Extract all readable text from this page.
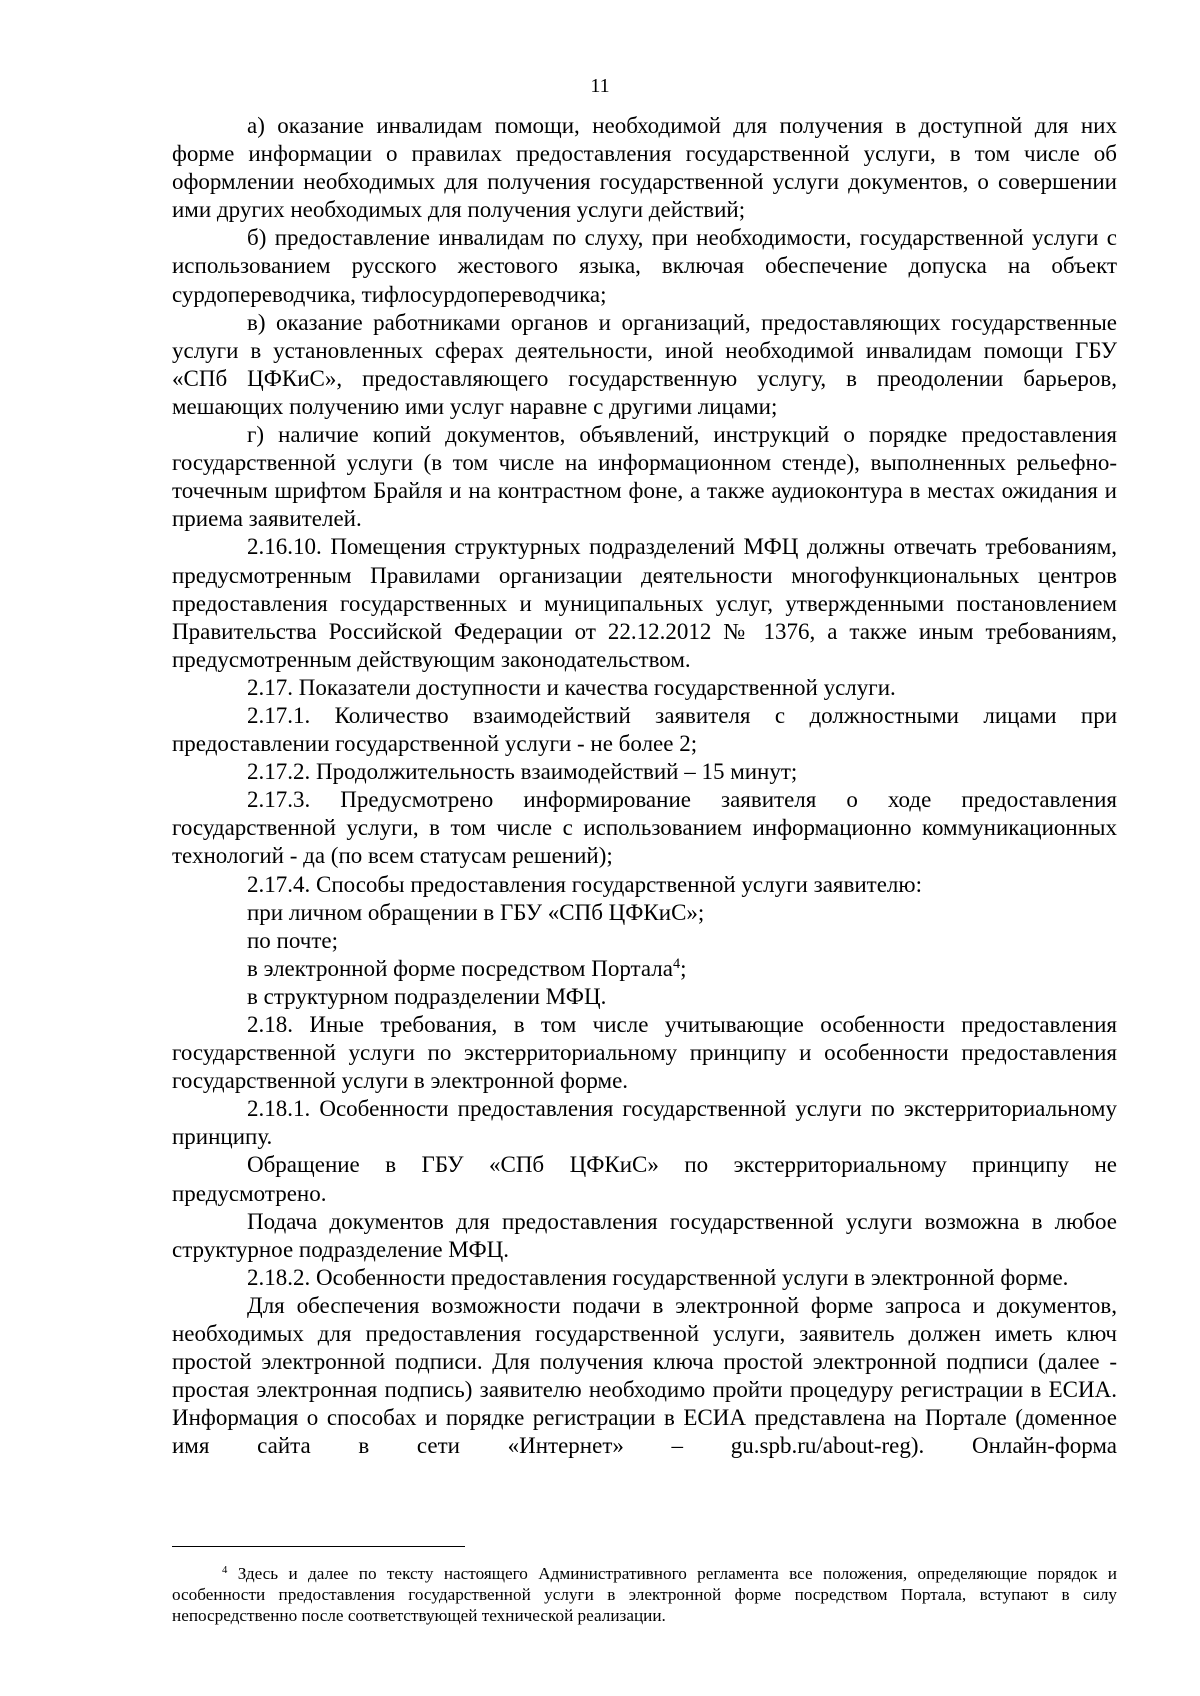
11

а) оказание инвалидам помощи, необходимой для получения в доступной для них форме информации о правилах предоставления государственной услуги, в том числе об оформлении необходимых для получения государственной услуги документов, о совершении ими других необходимых для получения услуги действий;

б) предоставление инвалидам по слуху, при необходимости, государственной услуги с использованием русского жестового языка, включая обеспечение допуска на объект сурдопереводчика, тифлосурдопереводчика;

в) оказание работниками органов и организаций, предоставляющих государственные услуги в установленных сферах деятельности, иной необходимой инвалидам помощи ГБУ «СПб ЦФКиС», предоставляющего государственную услугу, в преодолении барьеров, мешающих получению ими услуг наравне с другими лицами;

г) наличие копий документов, объявлений, инструкций о порядке предоставления государственной услуги (в том числе на информационном стенде), выполненных рельефно-точечным шрифтом Брайля и на контрастном фоне, а также аудиоконтура в местах ожидания и приема заявителей.

2.16.10. Помещения структурных подразделений МФЦ должны отвечать требованиям, предусмотренным Правилами организации деятельности многофункциональных центров предоставления государственных и муниципальных услуг, утвержденными постановлением Правительства Российской Федерации от 22.12.2012 № 1376, а также иным требованиям, предусмотренным действующим законодательством.

2.17. Показатели доступности и качества государственной услуги.

2.17.1. Количество взаимодействий заявителя с должностными лицами при предоставлении государственной услуги - не более 2;

2.17.2. Продолжительность взаимодействий – 15 минут;

2.17.3. Предусмотрено информирование заявителя о ходе предоставления государственной услуги, в том числе с использованием информационно коммуникационных технологий - да (по всем статусам решений);

2.17.4. Способы предоставления государственной услуги заявителю:

при личном обращении в ГБУ «СПб ЦФКиС»;

по почте;

в электронной форме посредством Портала$^4$;

в структурном подразделении МФЦ.

2.18. Иные требования, в том числе учитывающие особенности предоставления государственной услуги по экстерриториальному принципу и особенности предоставления государственной услуги в электронной форме.

2.18.1. Особенности предоставления государственной услуги по экстерриториальному принципу.

Обращение в ГБУ «СПб ЦФКиС» по экстерриториальному принципу не предусмотрено.

Подача документов для предоставления государственной услуги возможна в любое структурное подразделение МФЦ.

2.18.2. Особенности предоставления государственной услуги в электронной форме.

Для обеспечения возможности подачи в электронной форме запроса и документов, необходимых для предоставления государственной услуги, заявитель должен иметь ключ простой электронной подписи. Для получения ключа простой электронной подписи (далее - простая электронная подпись) заявителю необходимо пройти процедуру регистрации в ЕСИА. Информация о способах и порядке регистрации в ЕСИА представлена на Портале (доменное имя сайта в сети «Интернет» – gu.spb.ru/about-reg). Онлайн-форма

$^4$ Здесь и далее по тексту настоящего Административного регламента все положения, определяющие порядок и особенности предоставления государственной услуги в электронной форме посредством Портала, вступают в силу непосредственно после соответствующей технической реализации.
